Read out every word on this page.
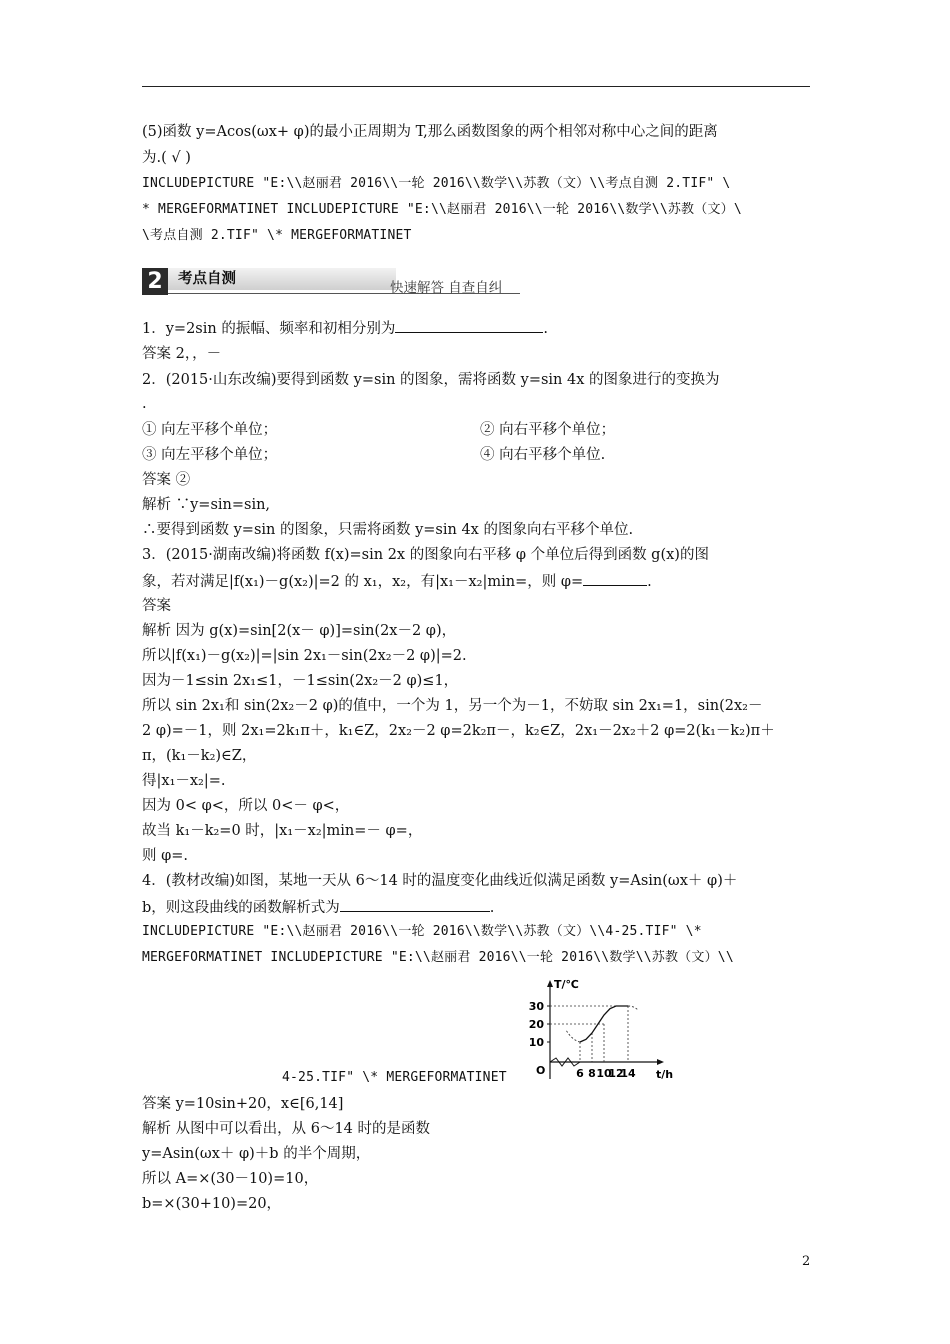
(5)函数 y=Acos(ωx+ φ)的最小正周期为 T,那么函数图象的两个相邻对称中心之间的距离
为.( √ )
INCLUDEPICTURE "E:\\赵丽君 2016\\一轮 2016\\数学\\苏教（文）\\考点自测 2.TIF" \
* MERGEFORMATINET INCLUDEPICTURE "E:\\赵丽君 2016\\一轮 2016\\数学\\苏教（文）\
\考点自测 2.TIF" \* MERGEFORMATINET
2	考点自测
快速解答 自查自纠
1．y=2sin 的振幅、频率和初相分别为	.
答案 2，，－
2．(2015·山东改编)要得到函数 y=sin 的图象，需将函数 y=sin 4x 的图象进行的变换为
.
① 向左平移个单位；	② 向右平移个单位；
③ 向左平移个单位；	④ 向右平移个单位.
答案 ②
解析 ∵y=sin=sin,
∴要得到函数 y=sin 的图象，只需将函数 y=sin 4x 的图象向右平移个单位.
3．(2015·湖南改编)将函数 f(x)=sin 2x 的图象向右平移 φ 个单位后得到函数 g(x)的图
象，若对满足|f(x₁)－g(x₂)|=2 的 x₁，x₂，有|x₁－x₂|min=，则 φ=	.
答案
解析 因为 g(x)=sin[2(x－ φ)]=sin(2x－2 φ)，
所以|f(x₁)－g(x₂)|=|sin 2x₁－sin(2x₂－2 φ)|=2.
因为－1≤sin 2x₁≤1，－1≤sin(2x₂－2 φ)≤1，
所以 sin 2x₁和 sin(2x₂－2 φ)的值中，一个为 1，另一个为－1，不妨取 sin 2x₁=1，sin(2x₂－
2 φ)=－1，则 2x₁=2k₁π＋，k₁∈Z，2x₂－2 φ=2k₂π－，k₂∈Z，2x₁－2x₂＋2 φ=2(k₁－k₂)π＋
π，(k₁－k₂)∈Z，
得|x₁－x₂|=.
因为 0< φ<，所以 0<－ φ<，
故当 k₁－k₂=0 时，|x₁－x₂|min=－ φ=，
则 φ=.
4．(教材改编)如图，某地一天从 6～14 时的温度变化曲线近似满足函数 y=Asin(ωx＋ φ)＋
b，则这段曲线的函数解析式为	.
INCLUDEPICTURE "E:\\赵丽君 2016\\一轮 2016\\数学\\苏教（文）\\4-25.TIF" \*
MERGEFORMATINET INCLUDEPICTURE "E:\\赵丽君 2016\\一轮 2016\\数学\\苏教（文）\\
4-25.TIF" \* MERGEFORMATINET
T/℃
t/h
O
10
20
30
6 8 10
12
14
答案 y=10sin+20，x∈[6,14]
解析 从图中可以看出，从 6～14 时的是函数
y=Asin(ωx＋ φ)＋b 的半个周期，
所以 A=×(30－10)=10，
b=×(30+10)=20，
2
